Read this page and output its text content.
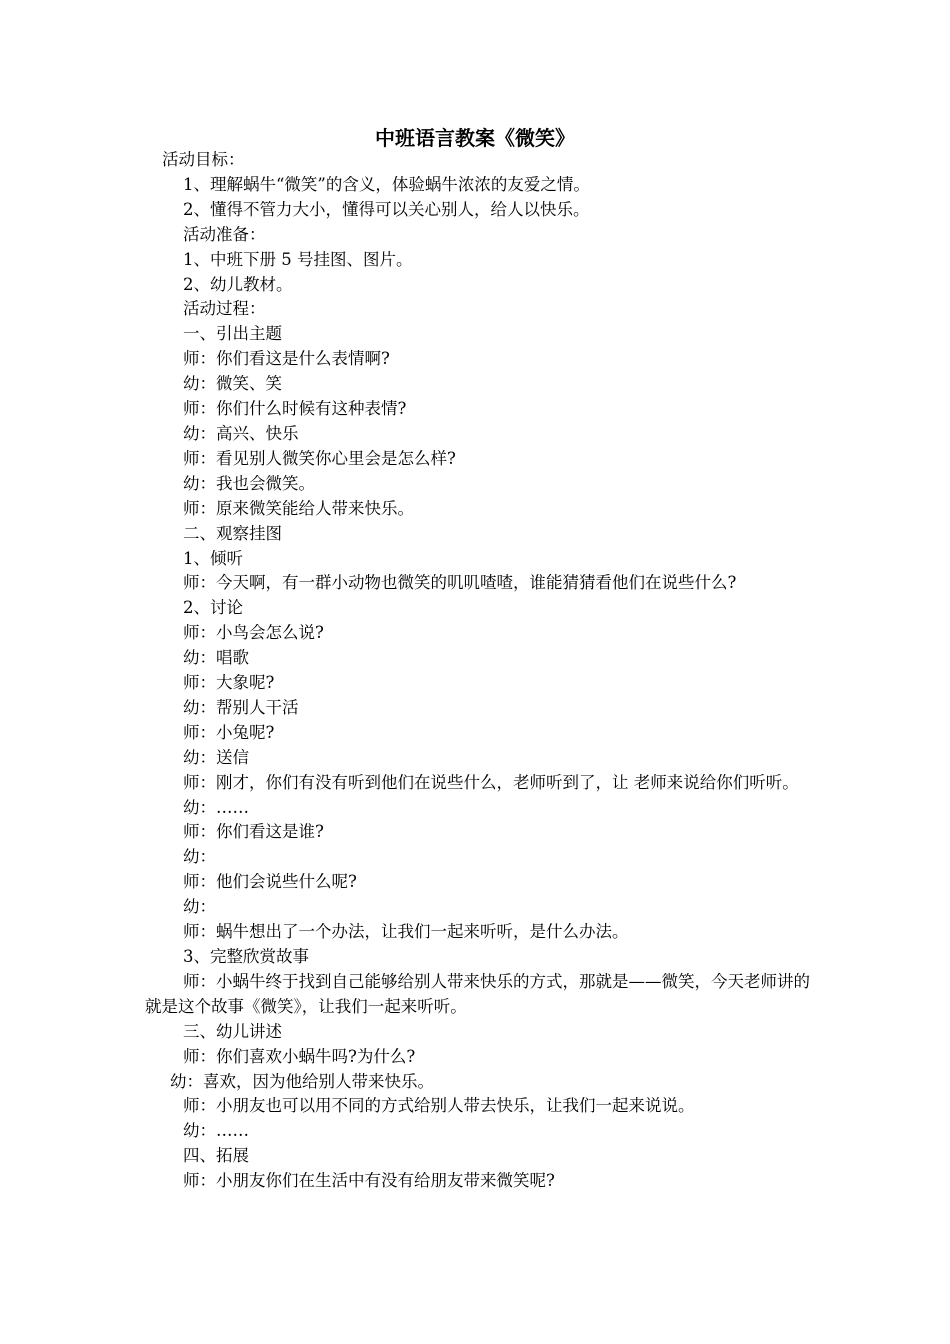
中班语言教案《微笑》

活动目标：

1、理解蜗牛“微笑”的含义，体验蜗牛浓浓的友爱之情。

2、懂得不管力大小，懂得可以关心别人，给人以快乐。

活动准备：

1、中班下册 5 号挂图、图片。

2、幼儿教材。

活动过程：

一、引出主题

师：你们看这是什么表情啊?

幼：微笑、笑

师：你们什么时候有这种表情?

幼：高兴、快乐

师：看见别人微笑你心里会是怎么样?

幼：我也会微笑。

师：原来微笑能给人带来快乐。

二、观察挂图

1、倾听

师：今天啊，有一群小动物也微笑的叽叽喳喳，谁能猜猜看他们在说些什么?

2、讨论

师：小鸟会怎么说?

幼：唱歌

师：大象呢?

幼：帮别人干活

师：小兔呢?

幼：送信

师：刚才，你们有没有听到他们在说些什么，老师听到了，让 老师来说给你们听听。

幼：……

师：你们看这是谁?

幼：

师：他们会说些什么呢?

幼：

师：蜗牛想出了一个办法，让我们一起来听听，是什么办法。

3、完整欣赏故事

师：小蜗牛终于找到自己能够给别人带来快乐的方式，那就是——微笑，今天老师讲的就是这个故事《微笑》，让我们一起来听听。

三、幼儿讲述

师：你们喜欢小蜗牛吗?为什么?

幼：喜欢，因为他给别人带来快乐。

师：小朋友也可以用不同的方式给别人带去快乐，让我们一起来说说。

幼：……

四、拓展

师：小朋友你们在生活中有没有给朋友带来微笑呢?
